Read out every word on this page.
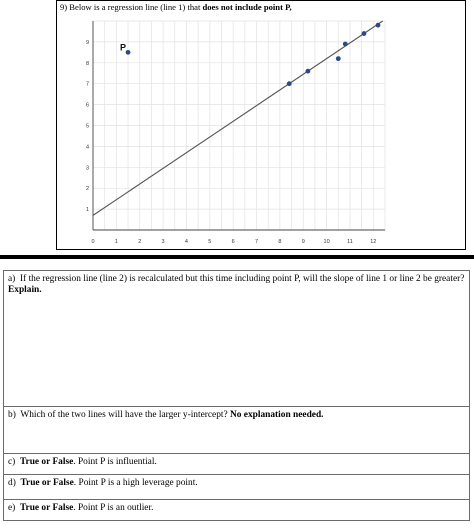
9) Below is a regression line (line 1) that does not include point P,
0	1	2	3	4	5	6	7	8	9	10	11	12
1
2
3
4
5
6
7
8
9	P
a) If the regression line (line 2) is recalculated but this time including point P, will the slope of line 1 or line 2 be greater? Explain.
b) Which of the two lines will have the larger y-intercept? No explanation needed.
c) True or False. Point P is influential.
d) True or False. Point P is a high leverage point.
e) True or False. Point P is an outlier.
